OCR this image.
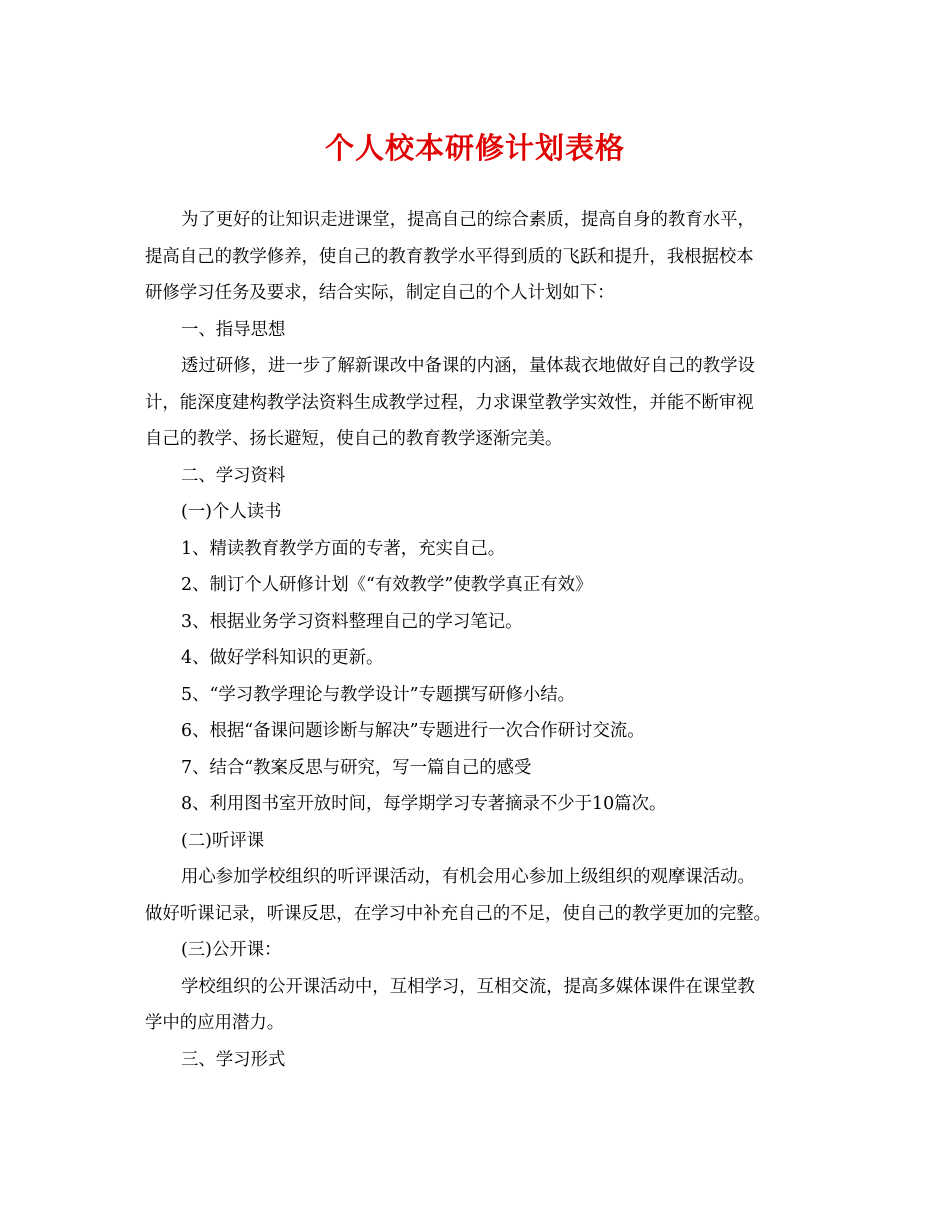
个人校本研修计划表格
为了更好的让知识走进课堂，提高自己的综合素质，提高自身的教育水平，
提高自己的教学修养，使自己的教育教学水平得到质的飞跃和提升，我根据校本
研修学习任务及要求，结合实际，制定自己的个人计划如下：
一、指导思想
透过研修，进一步了解新课改中备课的内涵，量体裁衣地做好自己的教学设
计，能深度建构教学法资料生成教学过程，力求课堂教学实效性，并能不断审视
自己的教学、扬长避短，使自己的教育教学逐渐完美。
二、学习资料
(一)个人读书
1、精读教育教学方面的专著，充实自己。
2、制订个人研修计划《“有效教学”使教学真正有效》
3、根据业务学习资料整理自己的学习笔记。
4、做好学科知识的更新。
5、“学习教学理论与教学设计”专题撰写研修小结。
6、根据“备课问题诊断与解决”专题进行一次合作研讨交流。
7、结合“教案反思与研究，写一篇自己的感受
8、利用图书室开放时间，每学期学习专著摘录不少于10篇次。
(二)听评课
用心参加学校组织的听评课活动，有机会用心参加上级组织的观摩课活动。
做好听课记录，听课反思，在学习中补充自己的不足，使自己的教学更加的完整。
(三)公开课：
学校组织的公开课活动中，互相学习，互相交流，提高多媒体课件在课堂教
学中的应用潜力。
三、学习形式
